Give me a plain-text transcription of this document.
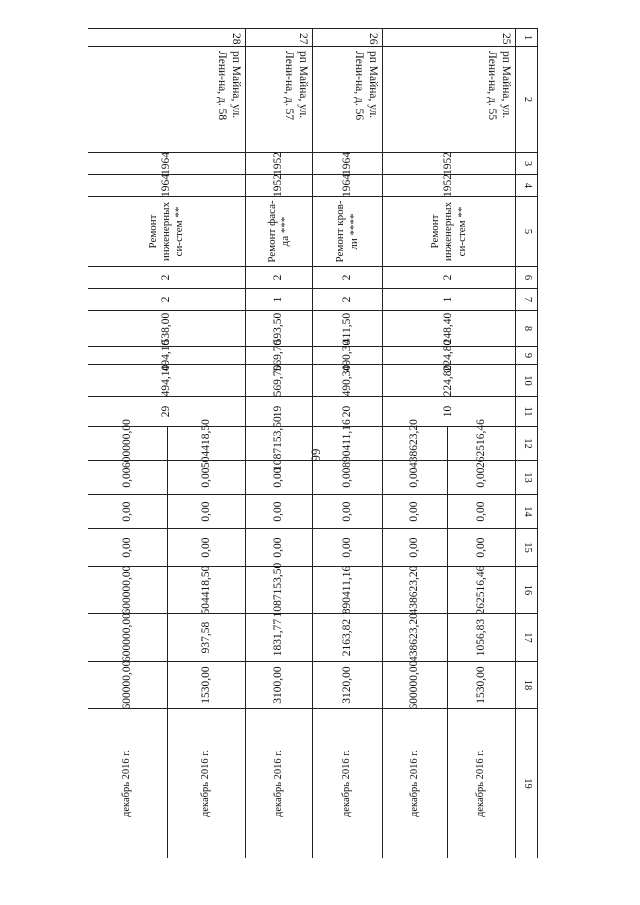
66
1
2
3
4
5
6
7
8
9
10
11
12
13
14
15
16
17
18
19
25
рп Майна, ул. Лени-на, д. 55
1952
1952
Ремонт инженерных си-стем **
2
1
248,40
224,80
224,80
10
26
рп Майна, ул. Лени-на, д. 56
1964
1964
Ремонт кров-ли ****
2
2
411,50
490,30
490,30
20
27
рп Майна, ул. Лени-на, д. 57
1952
1952
Ремонт фаса-да ***
2
1
593,50
569,70
569,70
19
28
рп Майна, ул. Лени-на, д. 58
1964
1964
Ремонт инженерных си-стем **
2
2
538,00
494,10
494,10
29
262516,46
0,00
0,00
0,00
262516,46
1056,83
1530,00
декабрь 2016 г.
438623,20
0,00
0,00
0,00
438623,20
438623,20
600000,00
декабрь 2016 г.
890411,16
0,00
0,00
0,00
890411,16
2163,82
3120,00
декабрь 2016 г.
1087153,50
0,00
0,00
0,00
1087153,50
1831,77
3100,00
декабрь 2016 г.
504418,50
0,00
0,00
0,00
504418,50
937,58
1530,00
декабрь 2016 г.
600000,00
0,00
0,00
0,00
600000,00
600000,00
600000,00
декабрь 2016 г.
